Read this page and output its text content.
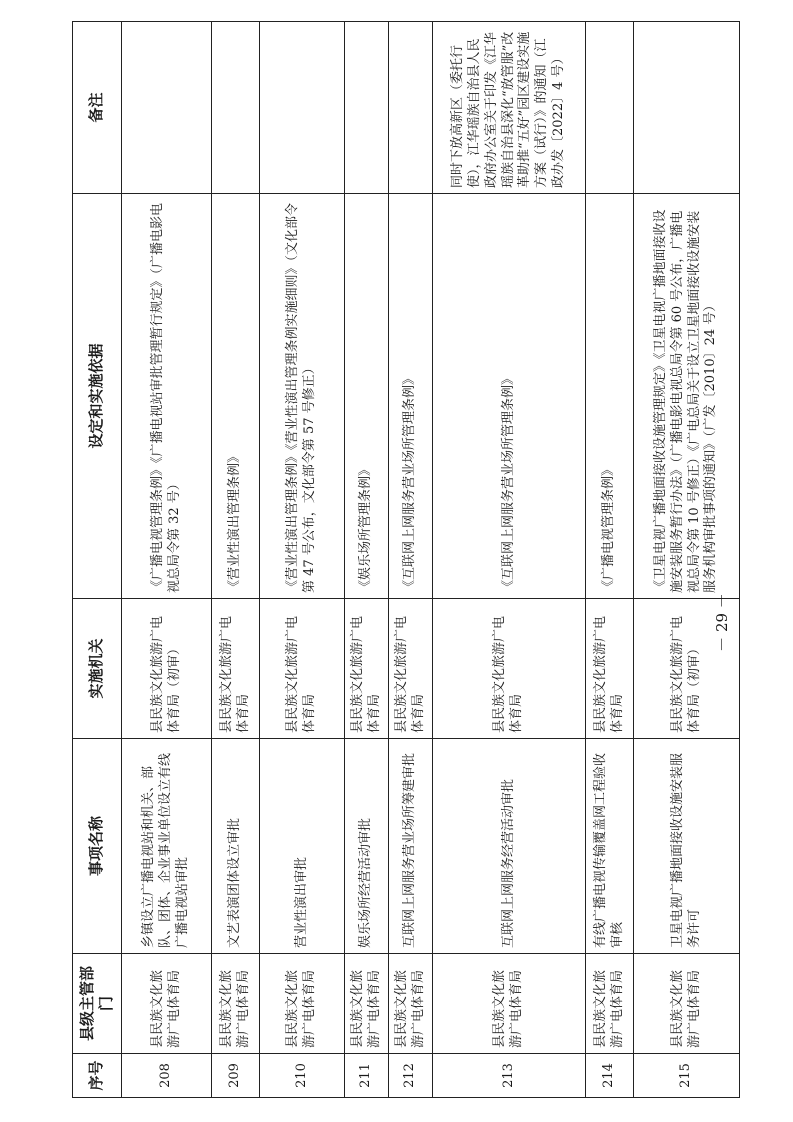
序号	县级主管部门	事项名称	实施机关	设定和实施依据	备注
208	县民族文化旅游广电体育局	乡镇设立广播电视站和机关、部队、团体、企业事业单位设立有线广播电视站审批	县民族文化旅游广电体育局（初审）	《广播电视管理条例》《广播电视站审批管理暂行规定》（广播电影电视总局令第 32 号）	
209	县民族文化旅游广电体育局	文艺表演团体设立审批	县民族文化旅游广电体育局	《营业性演出管理条例》	
210	县民族文化旅游广电体育局	营业性演出审批	县民族文化旅游广电体育局	《营业性演出管理条例》《营业性演出管理条例实施细则》（文化部令第 47 号公布，文化部令第 57 号修正）	
211	县民族文化旅游广电体育局	娱乐场所经营活动审批	县民族文化旅游广电体育局	《娱乐场所管理条例》	
212	县民族文化旅游广电体育局	互联网上网服务营业场所筹建审批	县民族文化旅游广电体育局	《互联网上网服务营业场所管理条例》	
213	县民族文化旅游广电体育局	互联网上网服务经营活动审批	县民族文化旅游广电体育局	《互联网上网服务营业场所管理条例》	同时下放高新区（委托行使），江华瑶族自治县人民政府办公室关于印发《江华瑶族自治县深化“放管服”改革助推“五好”园区建设实施方案（试行）》的通知（江政办发〔2022〕4 号）
214	县民族文化旅游广电体育局	有线广播电视传输覆盖网工程验收审核	县民族文化旅游广电体育局	《广播电视管理条例》	
215	县民族文化旅游广电体育局	卫星电视广播地面接收设施安装服务许可	县民族文化旅游广电体育局（初审）	《卫星电视广播地面接收设施管理规定》《卫星电视广播地面接收设施安装服务暂行办法》（广播电影电视总局令第 60 号公布，广播电视总局令第 10 号修正）《广电总局关于设立卫星地面接收设施安装服务机构审批事项的通知》（广发〔2010〕24 号）	
－ 29 －
